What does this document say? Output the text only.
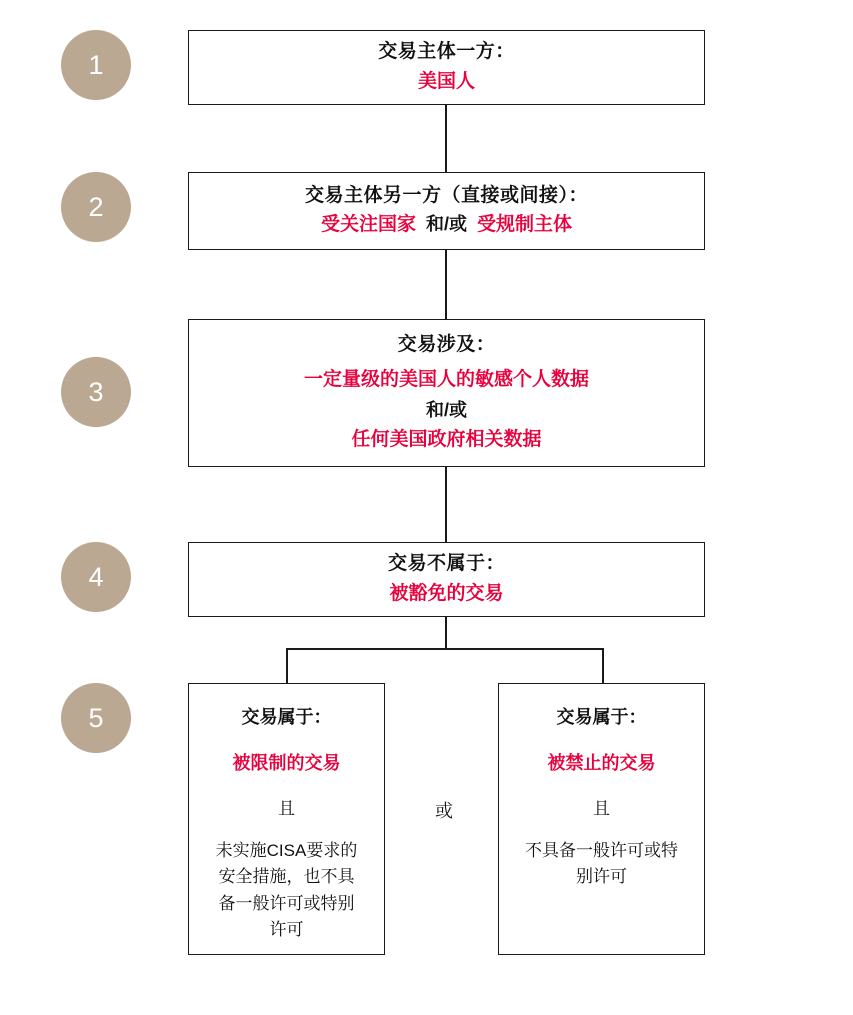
1
2
3
4
5
交易主体一方：
美国人
交易主体另一方（直接或间接）：
受关注国家 和/或 受规制主体
交易涉及：
一定量级的美国人的敏感个人数据
和/或
任何美国政府相关数据
交易不属于：
被豁免的交易
交易属于：
被限制的交易
且
未实施CISA要求的安全措施，也不具备一般许可或特别许可
或
交易属于：
被禁止的交易
且
不具备一般许可或特别许可
